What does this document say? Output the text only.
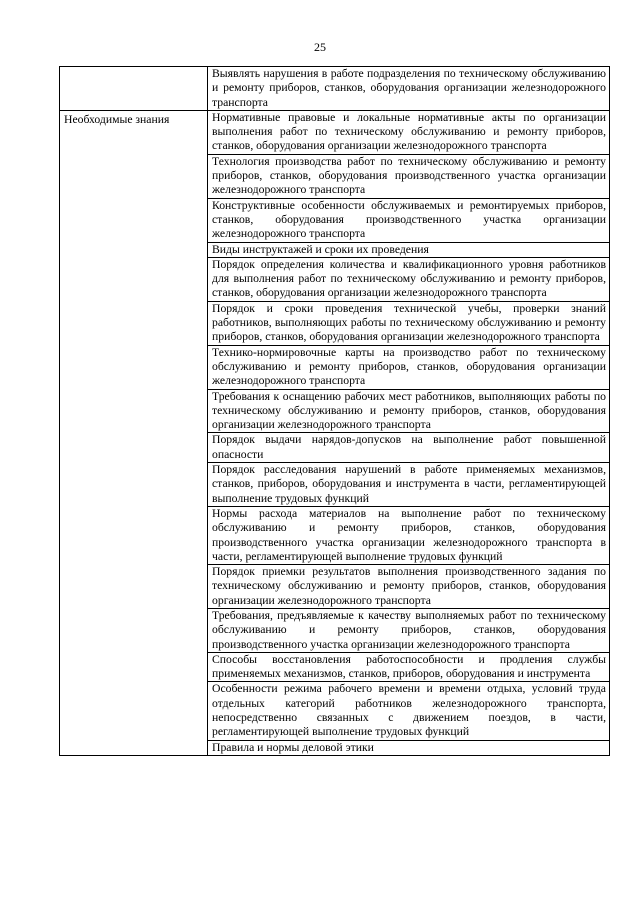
25

	Выявлять нарушения в работе подразделения по техническому обслуживанию и ремонту приборов, станков, оборудования организации железнодорожного транспорта

Необходимые знания	Нормативные правовые и локальные нормативные акты по организации выполнения работ по техническому обслуживанию и ремонту приборов, станков, оборудования организации железнодорожного транспорта

	Технология производства работ по техническому обслуживанию и ремонту приборов, станков, оборудования производственного участка организации железнодорожного транспорта

	Конструктивные особенности обслуживаемых и ремонтируемых приборов, станков, оборудования производственного участка организации железнодорожного транспорта

	Виды инструктажей и сроки их проведения

	Порядок определения количества и квалификационного уровня работников для выполнения работ по техническому обслуживанию и ремонту приборов, станков, оборудования организации железнодорожного транспорта

	Порядок и сроки проведения технической учебы, проверки знаний работников, выполняющих работы по техническому обслуживанию и ремонту приборов, станков, оборудования организации железнодорожного транспорта

	Технико-нормировочные карты на производство работ по техническому обслуживанию и ремонту приборов, станков, оборудования организации железнодорожного транспорта

	Требования к оснащению рабочих мест работников, выполняющих работы по техническому обслуживанию и ремонту приборов, станков, оборудования организации железнодорожного транспорта

	Порядок выдачи нарядов-допусков на выполнение работ повышенной опасности

	Порядок расследования нарушений в работе применяемых механизмов, станков, приборов, оборудования и инструмента в части, регламентирующей выполнение трудовых функций

	Нормы расхода материалов на выполнение работ по техническому обслуживанию и ремонту приборов, станков, оборудования производственного участка организации железнодорожного транспорта в части, регламентирующей выполнение трудовых функций

	Порядок приемки результатов выполнения производственного задания по техническому обслуживанию и ремонту приборов, станков, оборудования организации железнодорожного транспорта

	Требования, предъявляемые к качеству выполняемых работ по техническому обслуживанию и ремонту приборов, станков, оборудования производственного участка организации железнодорожного транспорта

	Способы восстановления работоспособности и продления службы применяемых механизмов, станков, приборов, оборудования и инструмента

	Особенности режима рабочего времени и времени отдыха, условий труда отдельных категорий работников железнодорожного транспорта, непосредственно связанных с движением поездов, в части, регламентирующей выполнение трудовых функций

	Правила и нормы деловой этики
